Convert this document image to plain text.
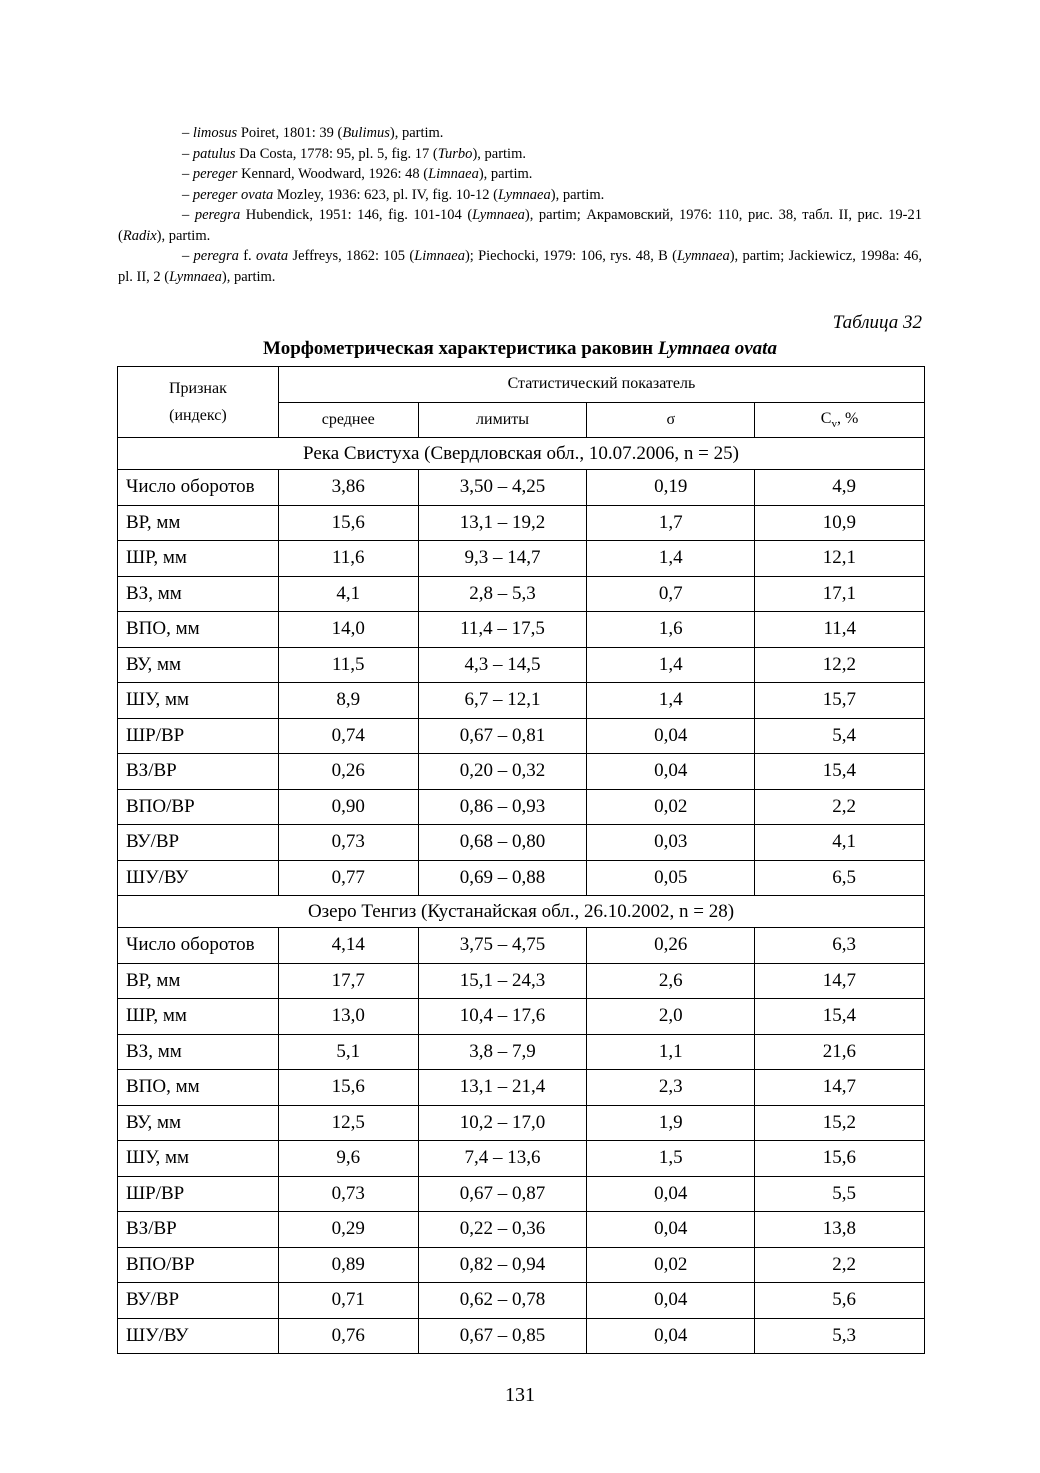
– limosus Poiret, 1801: 39 (Bulimus), partim.
– patulus Da Costa, 1778: 95, pl. 5, fig. 17 (Turbo), partim.
– pereger Kennard, Woodward, 1926: 48 (Limnaea), partim.
– pereger ovata Mozley, 1936: 623, pl. IV, fig. 10-12 (Lymnaea), partim.
– peregra Hubendick, 1951: 146, fig. 101-104 (Lymnaea), partim; Акрамовский, 1976: 110, рис. 38, табл. II, рис. 19-21 (Radix), partim.
– peregra f. ovata Jeffreys, 1862: 105 (Limnaea); Piechocki, 1979: 106, rys. 48, B (Lymnaea), partim; Jackiewicz, 1998a: 46, pl. II, 2 (Lymnaea), partim.
Таблица 32
Морфометрическая характеристика раковин Lymnaea ovata
Признак
(индекс)	Статистический показатель			
	среднее	лимиты	σ	$C_v$, %
Река Свистуха (Свердловская обл., 10.07.2006, n = 25)				
Число оборотов	3,86	3,50 – 4,25	0,19	4,9
ВР, мм	15,6	13,1 – 19,2	1,7	10,9
ШР, мм	11,6	9,3 – 14,7	1,4	12,1
ВЗ, мм	4,1	2,8 – 5,3	0,7	17,1
ВПО, мм	14,0	11,4 – 17,5	1,6	11,4
ВУ, мм	11,5	4,3 – 14,5	1,4	12,2
ШУ, мм	8,9	6,7 – 12,1	1,4	15,7
ШР/ВР	0,74	0,67 – 0,81	0,04	5,4
ВЗ/ВР	0,26	0,20 – 0,32	0,04	15,4
ВПО/ВР	0,90	0,86 – 0,93	0,02	2,2
ВУ/ВР	0,73	0,68 – 0,80	0,03	4,1
ШУ/ВУ	0,77	0,69 – 0,88	0,05	6,5
Озеро Тенгиз (Кустанайская обл., 26.10.2002, n = 28)				
Число оборотов	4,14	3,75 – 4,75	0,26	6,3
ВР, мм	17,7	15,1 – 24,3	2,6	14,7
ШР, мм	13,0	10,4 – 17,6	2,0	15,4
ВЗ, мм	5,1	3,8 – 7,9	1,1	21,6
ВПО, мм	15,6	13,1 – 21,4	2,3	14,7
ВУ, мм	12,5	10,2 – 17,0	1,9	15,2
ШУ, мм	9,6	7,4 – 13,6	1,5	15,6
ШР/ВР	0,73	0,67 – 0,87	0,04	5,5
ВЗ/ВР	0,29	0,22 – 0,36	0,04	13,8
ВПО/ВР	0,89	0,82 – 0,94	0,02	2,2
ВУ/ВР	0,71	0,62 – 0,78	0,04	5,6
ШУ/ВУ	0,76	0,67 – 0,85	0,04	5,3
131
